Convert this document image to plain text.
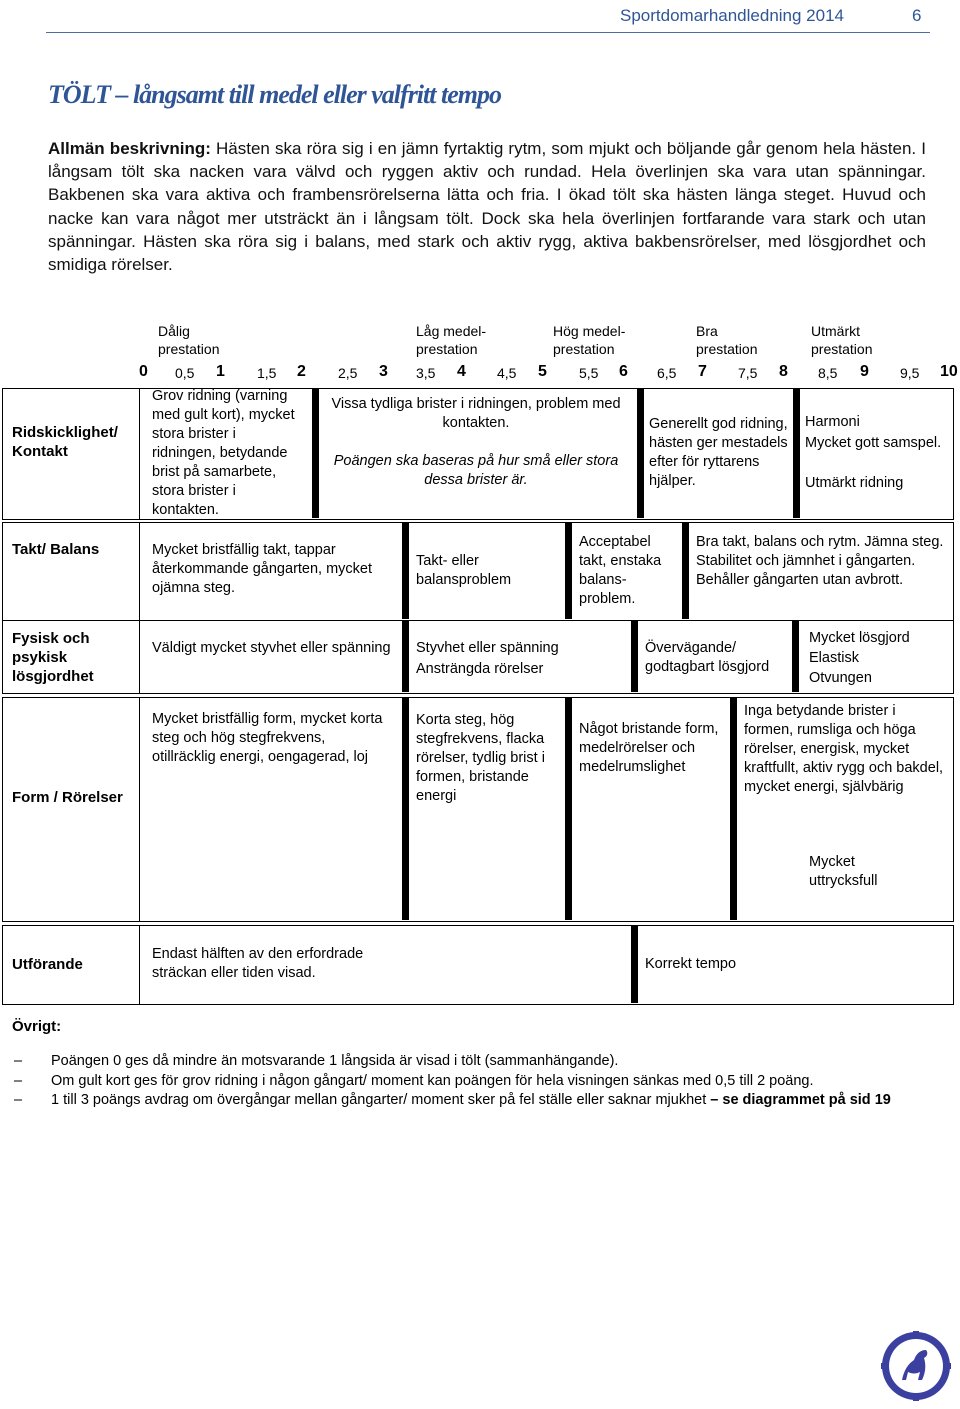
Sportdomarhandledning 2014	6
TÖLT – långsamt till medel eller valfritt tempo
Allmän beskrivning: Hästen ska röra sig i en jämn fyrtaktig rytm, som mjukt och böljande går genom hela hästen. I långsam tölt ska nacken vara välvd och ryggen aktiv och rundad. Hela överlinjen ska vara utan spänningar. Bakbenen ska vara aktiva och frambensrörelserna lätta och fria. I ökad tölt ska hästen länga steget. Huvud och nacke kan vara något mer utsträckt än i långsam tölt. Dock ska hela överlinjen fortfarande vara stark och utan spänningar. Hästen ska röra sig i balans, med stark och aktiv rygg, aktiva bakbensrörelser, med lösgjordhet och smidiga rörelser.
Dålig prestation
Låg medel- prestation
Hög medel- prestation
Bra prestation
Utmärkt prestation
0 0,5 1 1,5 2 2,5 3 3,5 4 4,5 5 5,5 6 6,5 7 7,5 8 8,5 9 9,5 10
Ridskicklighet/ Kontakt
Grov ridning (varning med gult kort), mycket stora brister i ridningen, betydande brist på samarbete, stora brister i kontakten.
Vissa tydliga brister i ridningen, problem med kontakten.
Poängen ska baseras på hur små eller stora dessa brister är.
Generellt god ridning, hästen ger mestadels efter för ryttarens hjälper.
Harmoni
Mycket gott samspel.
Utmärkt ridning
Takt/ Balans	Mycket bristfällig takt, tappar återkommande gångarten, mycket ojämna steg.
Takt- eller balansproblem
Acceptabel takt, enstaka balans- problem.
Bra takt, balans och rytm. Jämna steg. Stabilitet och jämnhet i gångarten. Behåller gångarten utan avbrott.
Fysisk och psykisk lösgjordhet
Väldigt mycket styvhet eller spänning Styvhet eller spänning
Ansträngda rörelser
Övervägande/ godtagbart lösgjord
Mycket lösgjord
Elastisk
Otvungen
Form / Rörelser
Mycket bristfällig form, mycket korta steg och hög stegfrekvens, otillräcklig energi, oengagerad, loj
Korta steg, hög stegfrekvens, flacka rörelser, tydlig brist i formen, bristande energi
Något bristande form, medelrörelser och medelrumslighet
Inga betydande brister i formen, rumsliga och höga rörelser, energisk, mycket kraftfullt, aktiv rygg och bakdel, mycket energi, självbärig
Mycket uttrycksfull
Utförande
Endast hälften av den erfordrade sträckan eller tiden visad.
Korrekt tempo
Övrigt:
– Poängen 0 ges då mindre än motsvarande 1 långsida är visad i tölt (sammanhängande).
– Om gult kort ges för grov ridning i någon gångart/ moment kan poängen för hela visningen sänkas med 0,5 till 2 poäng.
– 1 till 3 poängs avdrag om övergångar mellan gångarter/ moment sker på fel ställe eller saknar mjukhet – se diagrammet på sid 19
